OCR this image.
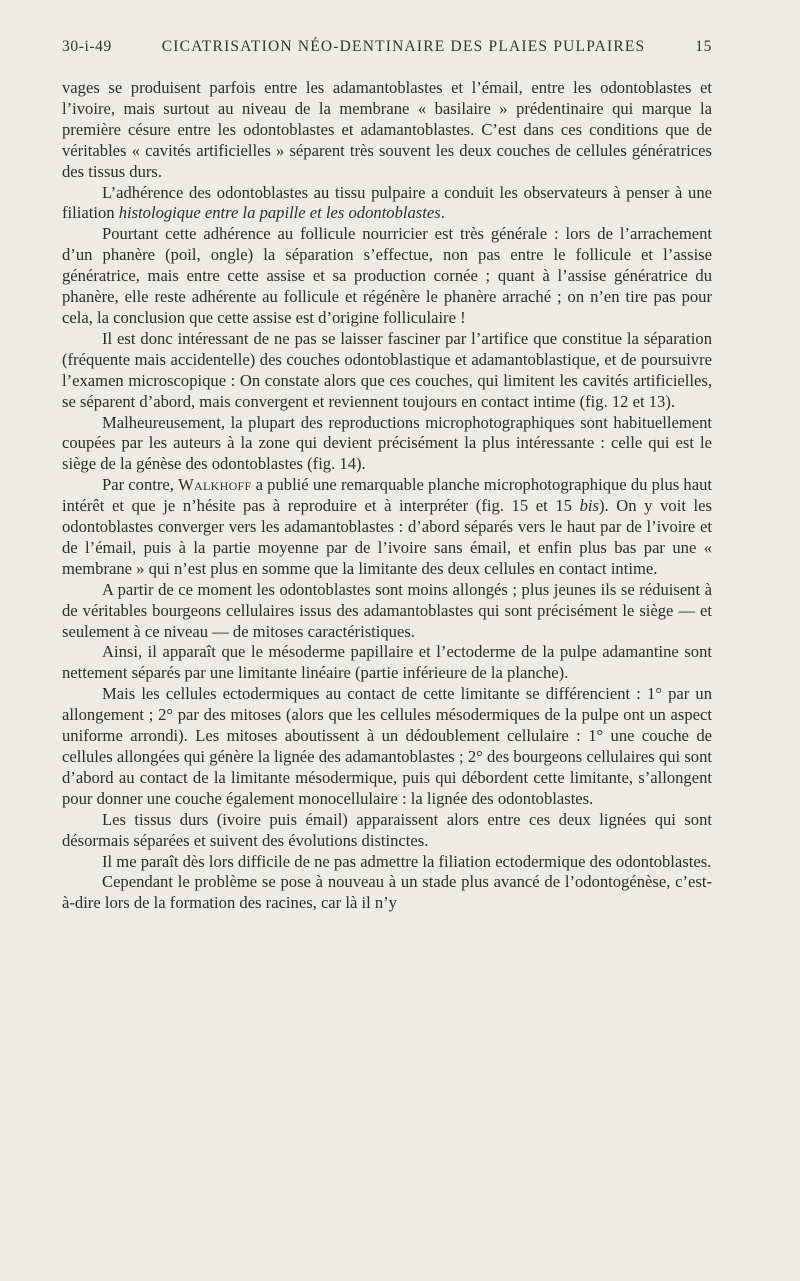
30-i-49	CICATRISATION NÉO-DENTINAIRE DES PLAIES PULPAIRES	15

vages se produisent parfois entre les adamantoblastes et l’émail, entre les odontoblastes et l’ivoire, mais surtout au niveau de la membrane « basilaire » prédentinaire qui marque la première césure entre les odontoblastes et adamantoblastes. C’est dans ces conditions que de véritables « cavités artificielles » séparent très souvent les deux couches de cellules génératrices des tissus durs.

L’adhérence des odontoblastes au tissu pulpaire a conduit les observateurs à penser à une filiation histologique entre la papille et les odontoblastes.

Pourtant cette adhérence au follicule nourricier est très générale : lors de l’arrachement d’un phanère (poil, ongle) la séparation s’effectue, non pas entre le follicule et l’assise génératrice, mais entre cette assise et sa production cornée ; quant à l’assise génératrice du phanère, elle reste adhérente au follicule et régénère le phanère arraché ; on n’en tire pas pour cela, la conclusion que cette assise est d’origine folliculaire !

Il est donc intéressant de ne pas se laisser fasciner par l’artifice que constitue la séparation (fréquente mais accidentelle) des couches odontoblastique et adamantoblastique, et de poursuivre l’examen microscopique : On constate alors que ces couches, qui limitent les cavités artificielles, se séparent d’abord, mais convergent et reviennent toujours en contact intime (fig. 12 et 13).

Malheureusement, la plupart des reproductions microphotographiques sont habituellement coupées par les auteurs à la zone qui devient précisément la plus intéressante : celle qui est le siège de la génèse des odontoblastes (fig. 14).

Par contre, Walkhoff a publié une remarquable planche microphotographique du plus haut intérêt et que je n’hésite pas à reproduire et à interpréter (fig. 15 et 15 bis). On y voit les odontoblastes converger vers les adamantoblastes : d’abord séparés vers le haut par de l’ivoire et de l’émail, puis à la partie moyenne par de l’ivoire sans émail, et enfin plus bas par une « membrane » qui n’est plus en somme que la limitante des deux cellules en contact intime.

A partir de ce moment les odontoblastes sont moins allongés ; plus jeunes ils se réduisent à de véritables bourgeons cellulaires issus des adamantoblastes qui sont précisément le siège — et seulement à ce niveau — de mitoses caractéristiques.

Ainsi, il apparaît que le mésoderme papillaire et l’ectoderme de la pulpe adamantine sont nettement séparés par une limitante linéaire (partie inférieure de la planche).

Mais les cellules ectodermiques au contact de cette limitante se différencient : 1° par un allongement ; 2° par des mitoses (alors que les cellules mésodermiques de la pulpe ont un aspect uniforme arrondi). Les mitoses aboutissent à un dédoublement cellulaire : 1° une couche de cellules allongées qui génère la lignée des adamantoblastes ; 2° des bourgeons cellulaires qui sont d’abord au contact de la limitante mésodermique, puis qui débordent cette limitante, s’allongent pour donner une couche également monocellulaire : la lignée des odontoblastes.

Les tissus durs (ivoire puis émail) apparaissent alors entre ces deux lignées qui sont désormais séparées et suivent des évolutions distinctes.

Il me paraît dès lors difficile de ne pas admettre la filiation ectodermique des odontoblastes.

Cependant le problème se pose à nouveau à un stade plus avancé de l’odontogénèse, c’est-à-dire lors de la formation des racines, car là il n’y
